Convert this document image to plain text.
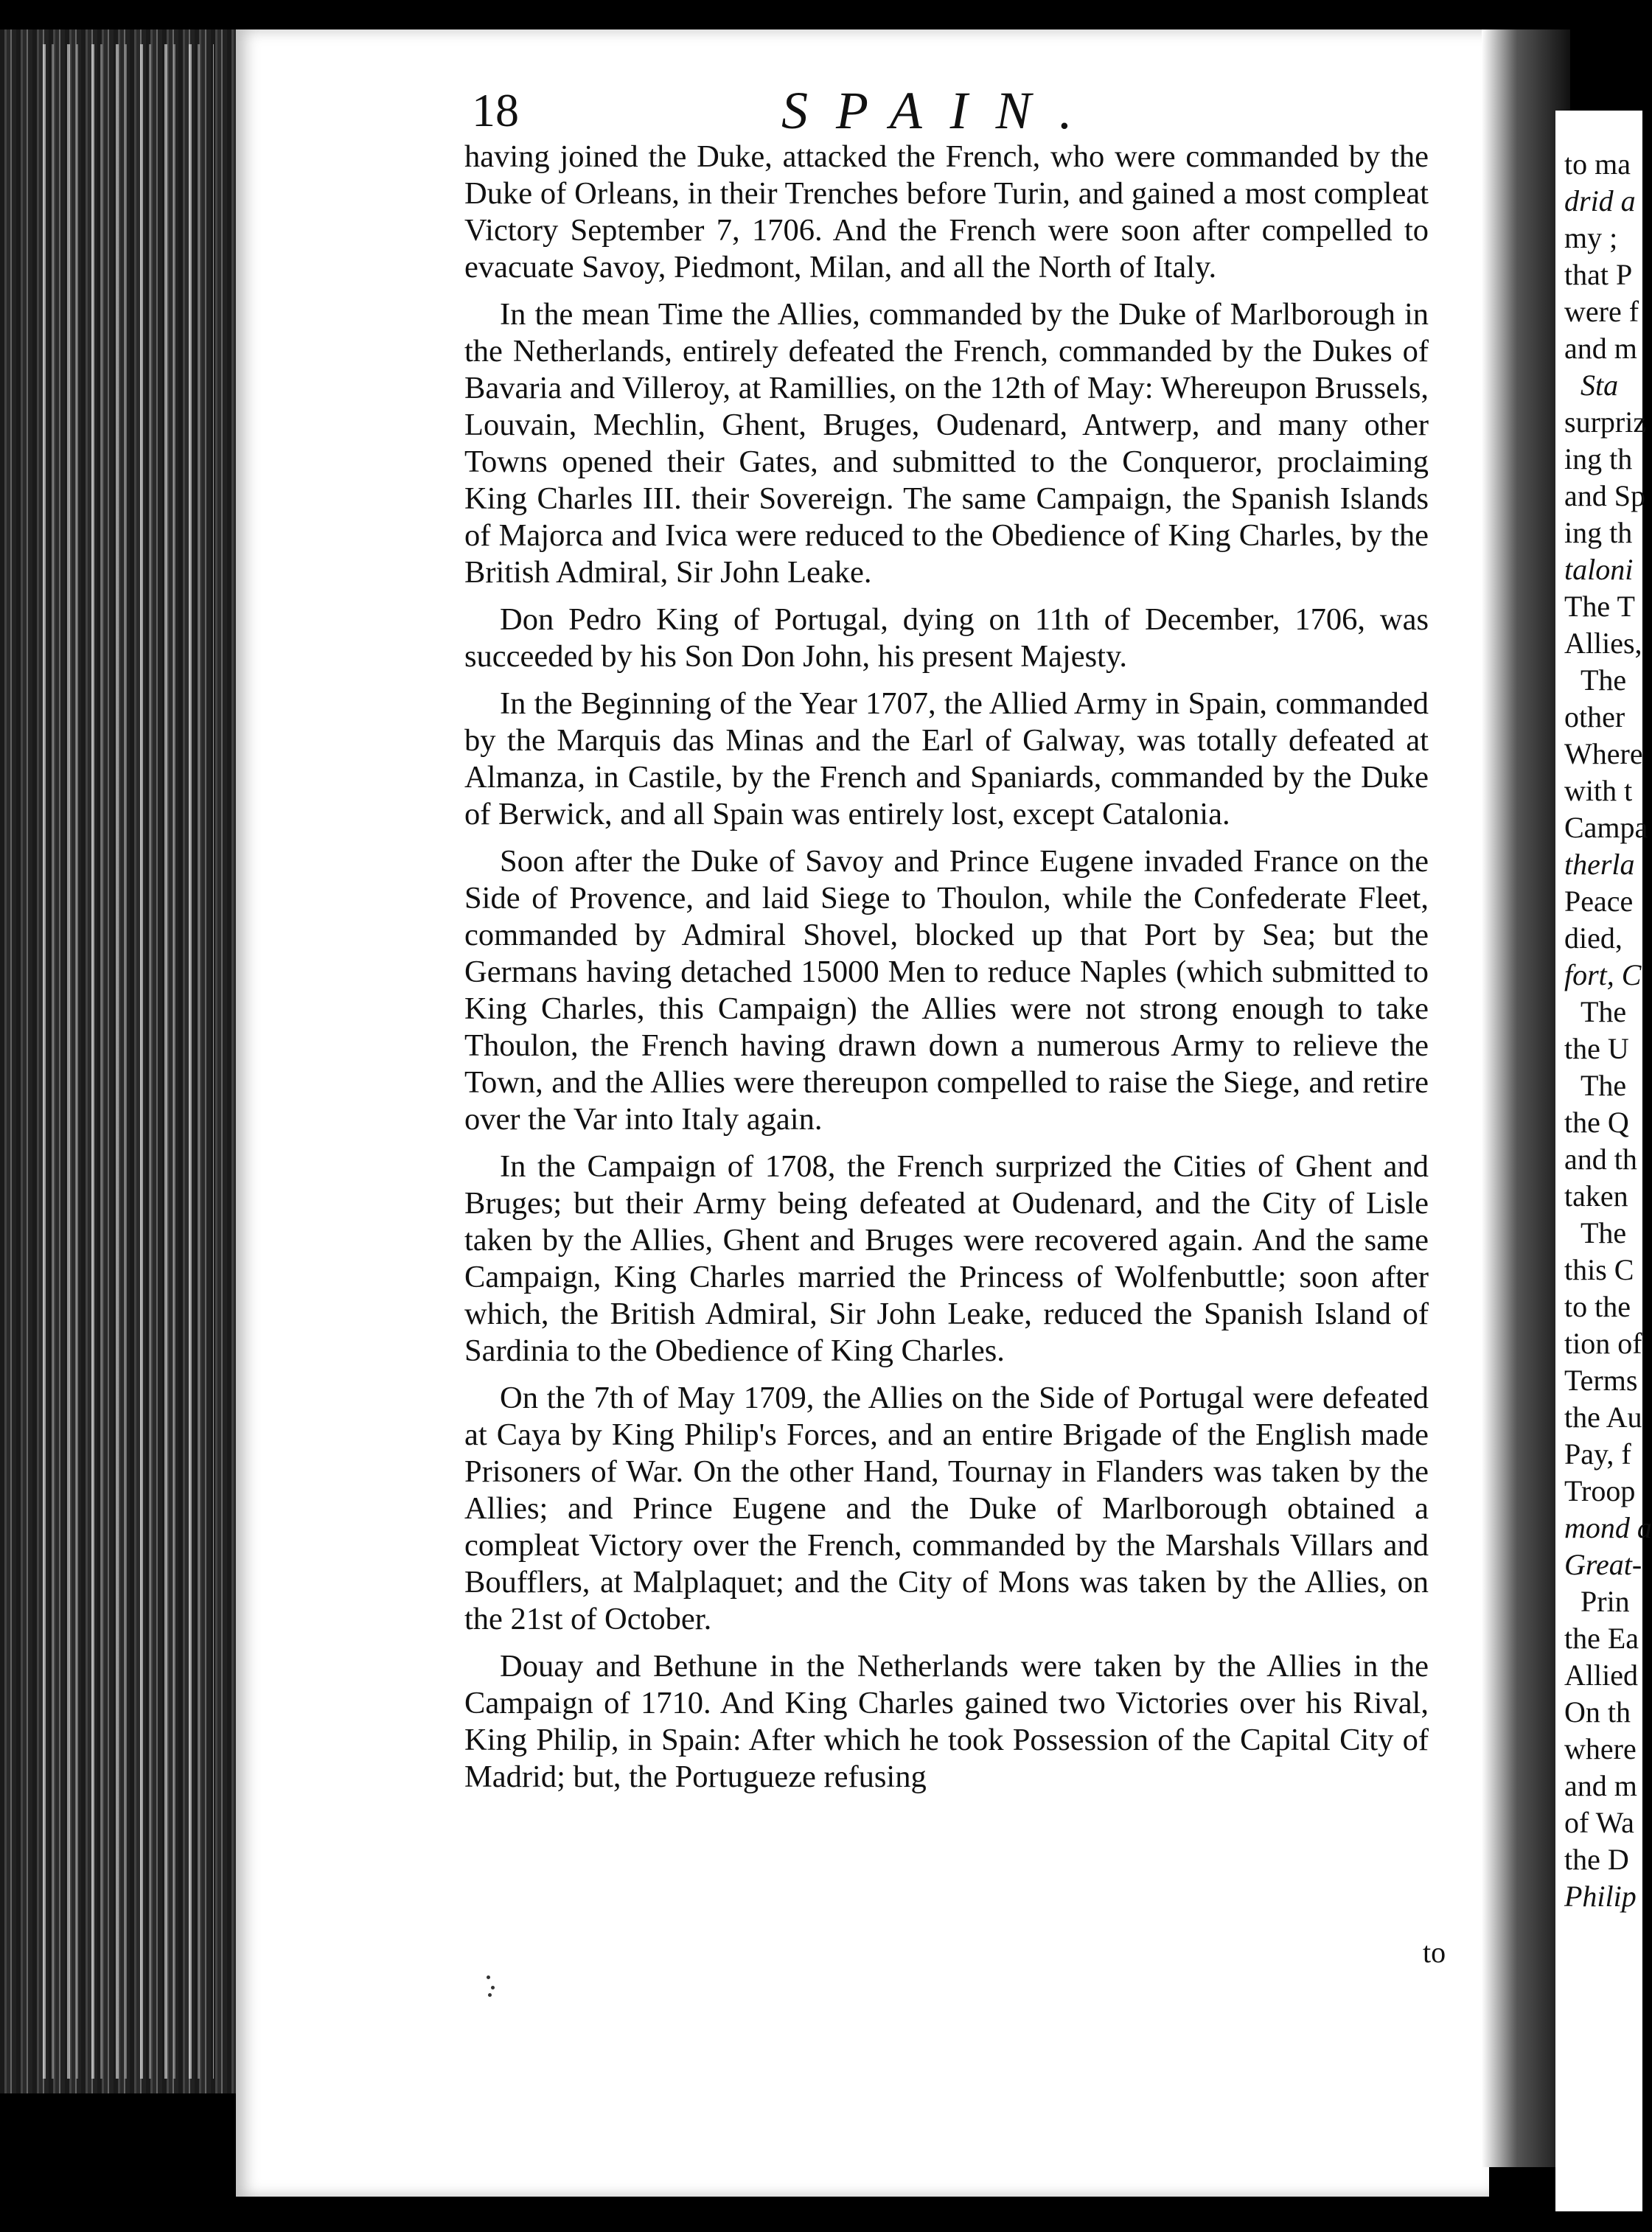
to ma
drid a
my ;
that P
were f
and m
Sta
surpriz
ing th
and Sp
ing th
taloni
The T
Allies,
The
other
Where
with t
Campa
therla
Peace
died,
fort, C
The
the U
The
the Q
and th
taken
The
this C
to the
tion of
Terms
the Au
Pay, f
Troop
mond a
Great-
Prin
the Ea
Allied
On th
where
and m
of Wa
the D
Philip
18	SPAIN.

having joined the Duke, attacked the French, who were commanded by the Duke of Orleans, in their Trenches before Turin, and gained a most compleat Victory September 7, 1706. And the French were soon after compelled to evacuate Savoy, Piedmont, Milan, and all the North of Italy.

In the mean Time the Allies, commanded by the Duke of Marlborough in the Netherlands, entirely defeated the French, commanded by the Dukes of Bavaria and Villeroy, at Ramillies, on the 12th of May: Whereupon Brussels, Louvain, Mechlin, Ghent, Bruges, Oudenard, Antwerp, and many other Towns opened their Gates, and submitted to the Conqueror, proclaiming King Charles III. their Sovereign. The same Campaign, the Spanish Islands of Majorca and Ivica were reduced to the Obedience of King Charles, by the British Admiral, Sir John Leake.

Don Pedro King of Portugal, dying on 11th of December, 1706, was succeeded by his Son Don John, his present Majesty.

In the Beginning of the Year 1707, the Allied Army in Spain, commanded by the Marquis das Minas and the Earl of Galway, was totally defeated at Almanza, in Castile, by the French and Spaniards, commanded by the Duke of Berwick, and all Spain was entirely lost, except Catalonia.

Soon after the Duke of Savoy and Prince Eugene invaded France on the Side of Provence, and laid Siege to Thoulon, while the Confederate Fleet, commanded by Admiral Shovel, blocked up that Port by Sea; but the Germans having detached 15000 Men to reduce Naples (which submitted to King Charles, this Campaign) the Allies were not strong enough to take Thoulon, the French having drawn down a numerous Army to relieve the Town, and the Allies were thereupon compelled to raise the Siege, and retire over the Var into Italy again.

In the Campaign of 1708, the French surprized the Cities of Ghent and Bruges; but their Army being defeated at Oudenard, and the City of Lisle taken by the Allies, Ghent and Bruges were recovered again. And the same Campaign, King Charles married the Princess of Wolfenbuttle; soon after which, the British Admiral, Sir John Leake, reduced the Spanish Island of Sardinia to the Obedience of King Charles.

On the 7th of May 1709, the Allies on the Side of Portugal were defeated at Caya by King Philip's Forces, and an entire Brigade of the English made Prisoners of War. On the other Hand, Tournay in Flanders was taken by the Allies; and Prince Eugene and the Duke of Marlborough obtained a compleat Victory over the French, commanded by the Marshals Villars and Boufflers, at Malplaquet; and the City of Mons was taken by the Allies, on the 21st of October.

Douay and Bethune in the Netherlands were taken by the Allies in the Campaign of 1710. And King Charles gained two Victories over his Rival, King Philip, in Spain: After which he took Possession of the Capital City of Madrid; but, the Portugueze refusing

to
